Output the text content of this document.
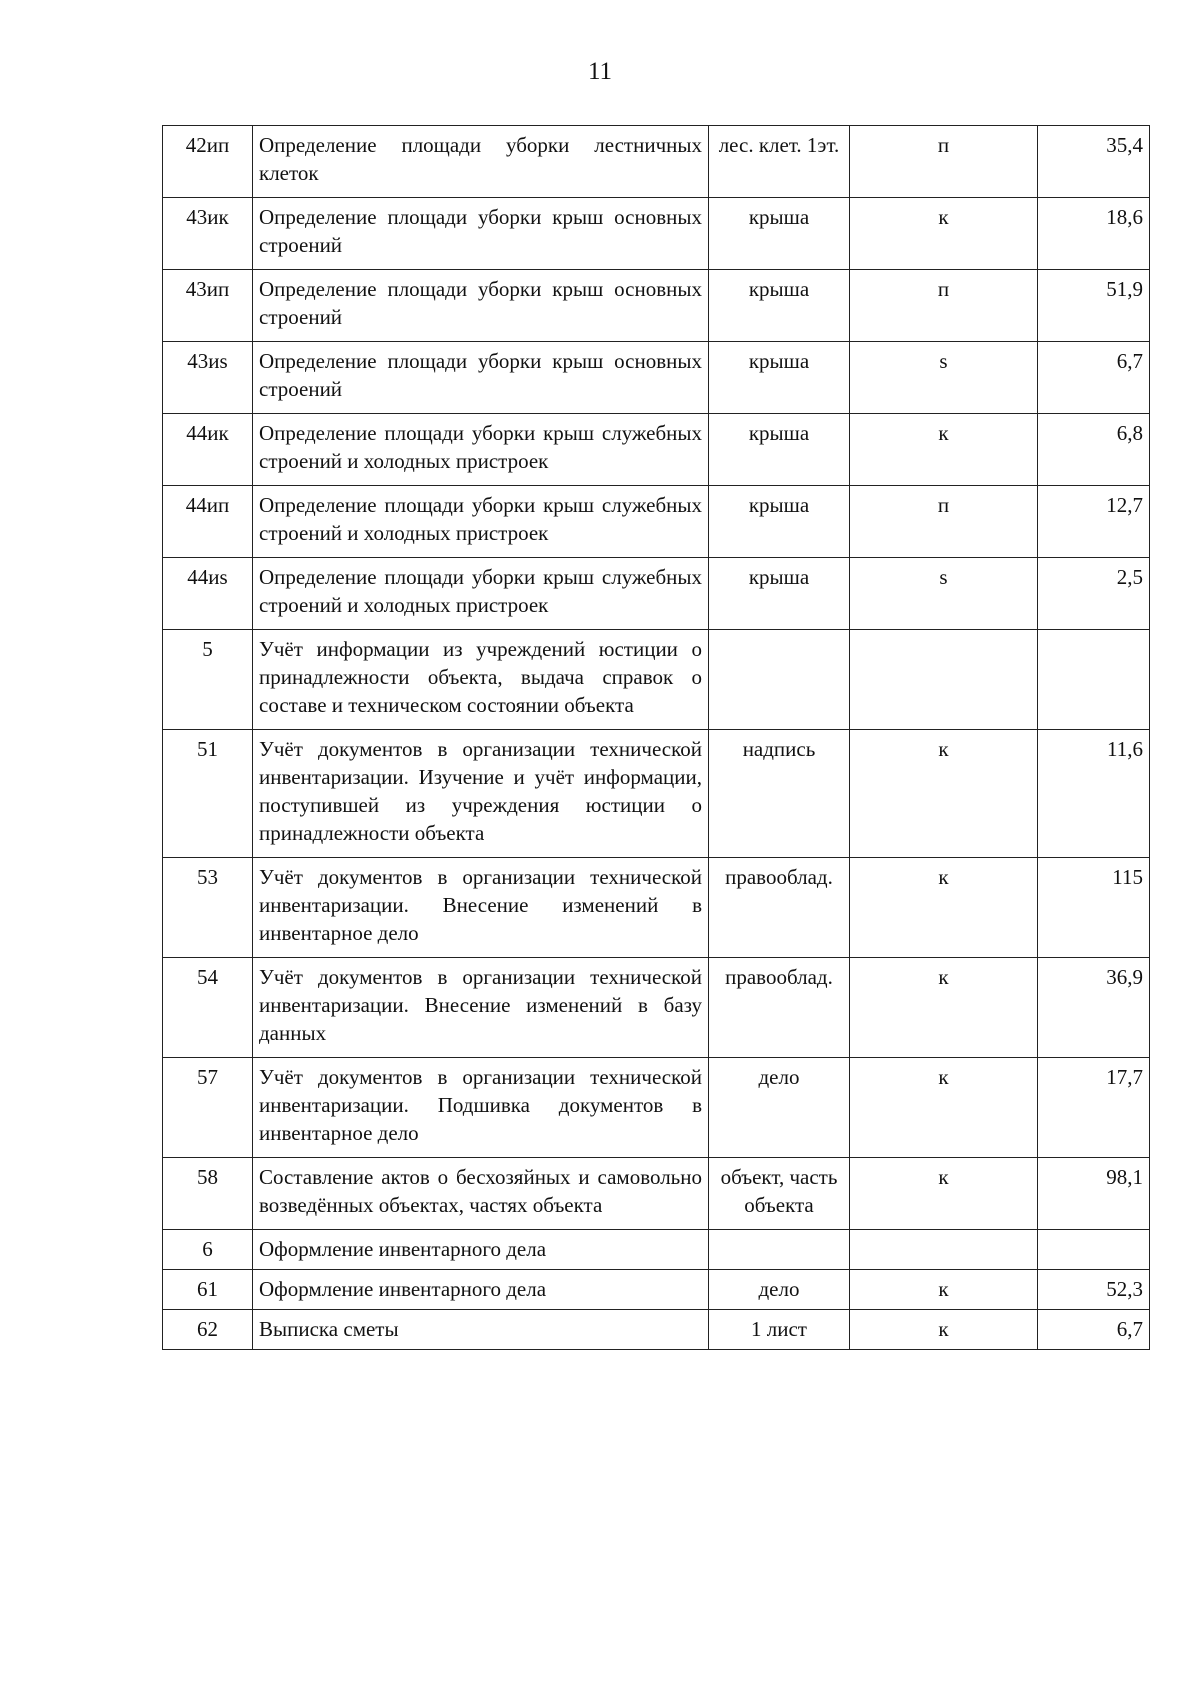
11
42ип	Определение площади уборки лестничных клеток	лес. клет. 1эт.	п	35,4
43ик	Определение площади уборки крыш основных строений	крыша	к	18,6
43ип	Определение площади уборки крыш основных строений	крыша	п	51,9
43иs	Определение площади уборки крыш основных строений	крыша	s	6,7
44ик	Определение площади уборки крыш служебных строений и холодных пристроек	крыша	к	6,8
44ип	Определение площади уборки крыш служебных строений и холодных пристроек	крыша	п	12,7
44иs	Определение площади уборки крыш служебных строений и холодных пристроек	крыша	s	2,5
5	Учёт информации из учреждений юстиции о принадлежности объекта, выдача справок о составе и техническом состоянии объекта			
51	Учёт документов в организации технической инвентаризации. Изучение и учёт информации, поступившей из учреждения юстиции о принадлежности объекта	надпись	к	11,6
53	Учёт документов в организации технической инвентаризации. Внесение изменений в инвентарное дело	правооблад.	к	115
54	Учёт документов в организации технической инвентаризации. Внесение изменений в базу данных	правооблад.	к	36,9
57	Учёт документов в организации технической инвентаризации. Подшивка документов в инвентарное дело	дело	к	17,7
58	Составление актов о бесхозяйных и самовольно возведённых объектах, частях объекта	объект, часть объекта	к	98,1
6	Оформление инвентарного дела			
61	Оформление инвентарного дела	дело	к	52,3
62	Выписка сметы	1 лист	к	6,7
